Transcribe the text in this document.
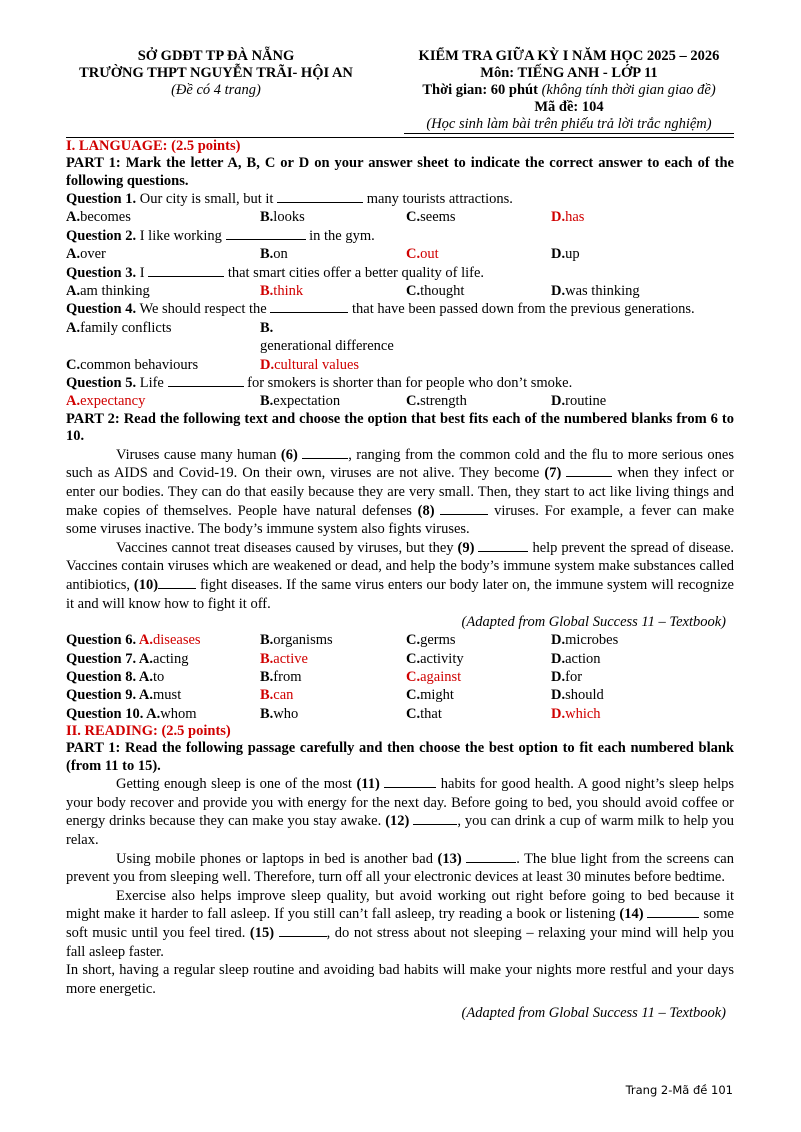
SỞ GDĐT TP ĐÀ NẴNG
TRƯỜNG THPT NGUYỄN TRÃI- HỘI AN
(Đề có 4 trang)
KIỂM TRA GIỮA KỲ I NĂM HỌC 2025 – 2026
Môn: TIẾNG ANH - LỚP 11
Thời gian: 60 phút (không tính thời gian giao đề)
Mã đề: 104
(Học sinh làm bài trên phiếu trả lời trắc nghiệm)
I. LANGUAGE: (2.5 points)
PART 1: Mark the letter A, B, C or D on your answer sheet to indicate the correct answer to each of the following questions.
Question 1. Our city is small, but it	many tourists attractions.
A.becomes	B.looks	C.seems	D.has
Question 2. I like working	in the gym.
A.over	B.on	C.out	D.up
Question 3. I	that smart cities offer a better quality of life.
A.am thinking	B.think	C.thought	D.was thinking
Question 4. We should respect the	that have been passed down from the previous generations.
A.family conflicts	B.generational difference
C.common behaviours	D.cultural values
Question 5. Life	for smokers is shorter than for people who don’t smoke.
A.expectancy	B.expectation	C.strength	D.routine
PART 2: Read the following text and choose the option that best fits each of the numbered blanks from 6 to 10.
Viruses cause many human (6)	, ranging from the common cold and the flu to more serious ones such as AIDS and Covid-19. On their own, viruses are not alive. They become (7)	when they infect or enter our bodies. They can do that easily because they are very small. Then, they start to act like living things and make copies of themselves. People have natural defenses (8)	viruses. For example, a fever can make some viruses inactive. The body’s immune system also fights viruses.
Vaccines cannot treat diseases caused by viruses, but they (9)	help prevent the spread of disease. Vaccines contain viruses which are weakened or dead, and help the body’s immune system make substances called antibiotics, (10)	fight diseases. If the same virus enters our body later on, the immune system will recognize it and will know how to fight it off.
(Adapted from Global Success 11 – Textbook)
Question 6. A.diseases	B.organisms	C.germs	D.microbes
Question 7. A.acting	B.active	C.activity	D.action
Question 8. A.to	B.from	C.against	D.for
Question 9. A.must	B.can	C.might	D.should
Question 10. A.whom	B.who	C.that	D.which
II. READING: (2.5 points)
PART 1: Read the following passage carefully and then choose the best option to fit each numbered blank (from 11 to 15).
Getting enough sleep is one of the most (11)	habits for good health. A good night’s sleep helps your body recover and provide you with energy for the next day. Before going to bed, you should avoid coffee or energy drinks because they can make you stay awake. (12)	, you can drink a cup of warm milk to help you relax.
Using mobile phones or laptops in bed is another bad (13)	. The blue light from the screens can prevent you from sleeping well. Therefore, turn off all your electronic devices at least 30 minutes before bedtime.
Exercise also helps improve sleep quality, but avoid working out right before going to bed because it might make it harder to fall asleep. If you still can’t fall asleep, try reading a book or listening (14)	some soft music until you feel tired. (15)	, do not stress about not sleeping – relaxing your mind will help you fall asleep faster.
In short, having a regular sleep routine and avoiding bad habits will make your nights more restful and your days more energetic.
(Adapted from Global Success 11 – Textbook)
Trang 2-Mã đề 101
